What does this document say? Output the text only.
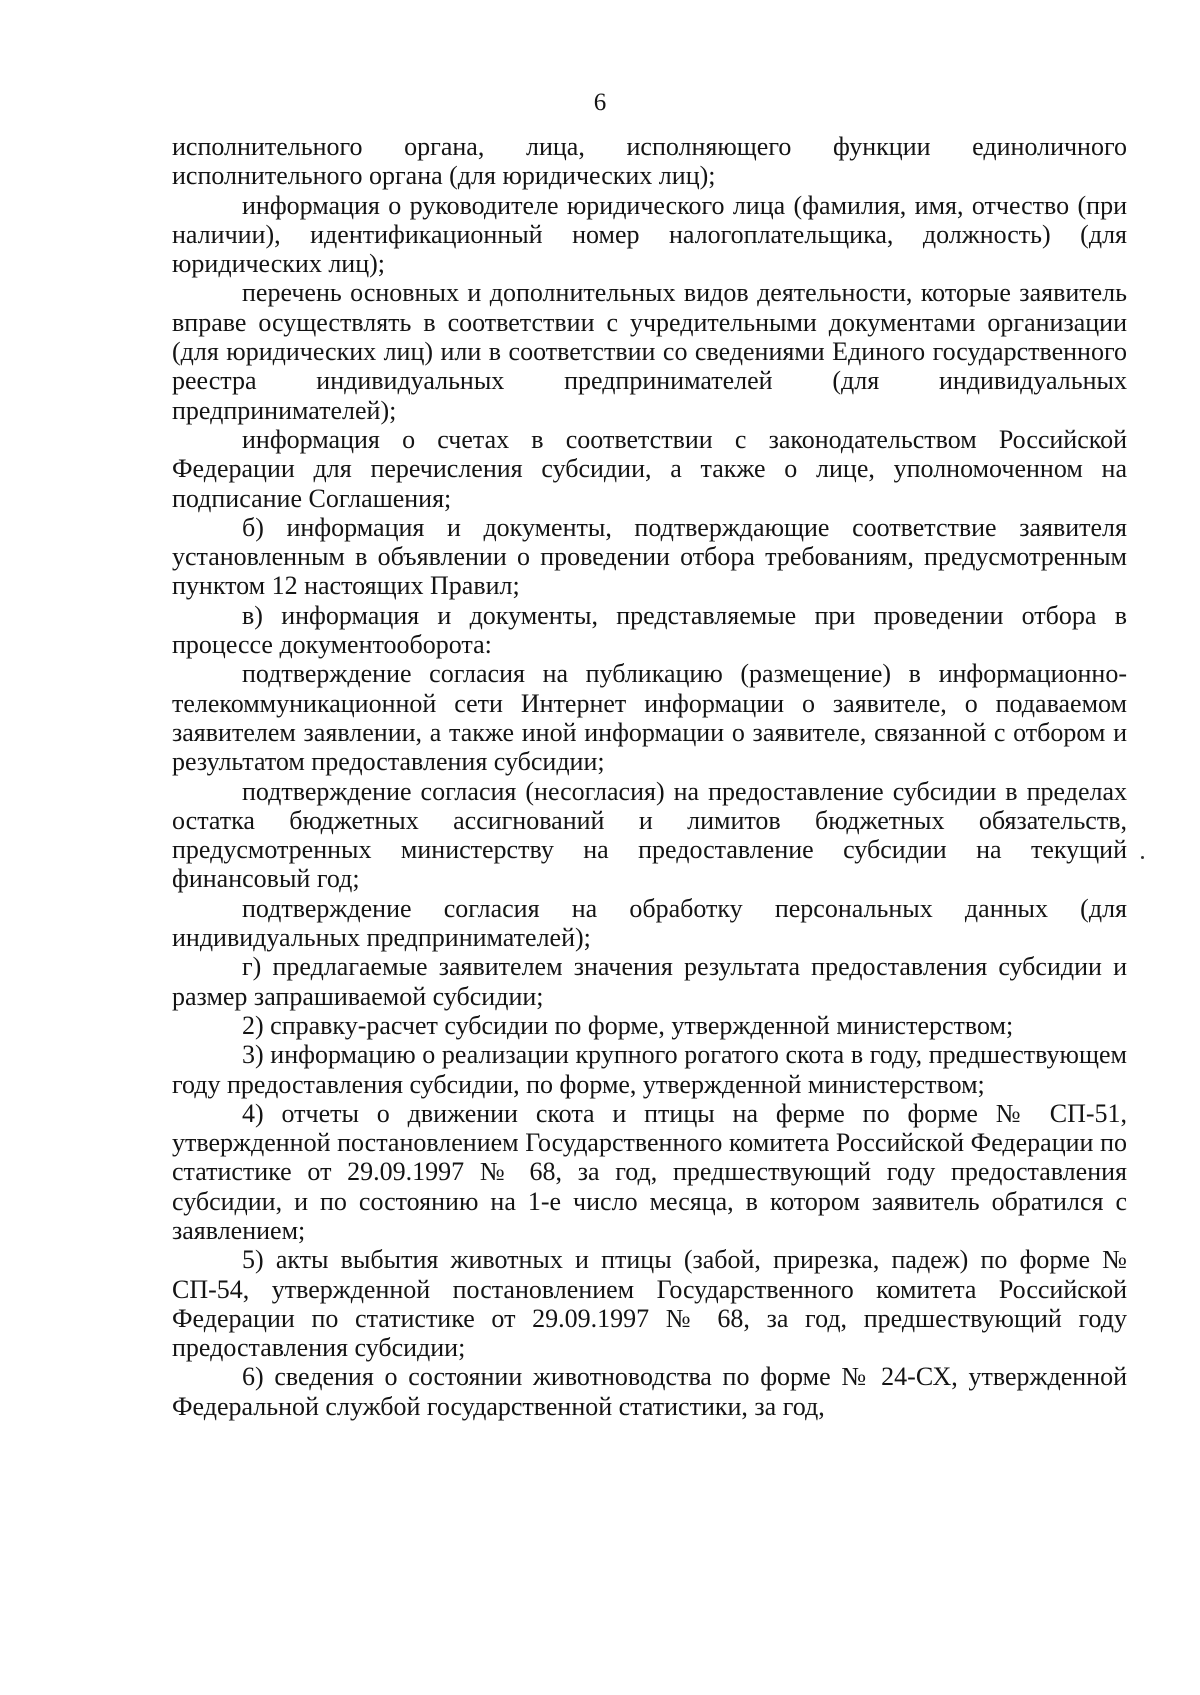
6

исполнительного органа, лица, исполняющего функции единоличного исполнительного органа (для юридических лиц);

информация о руководителе юридического лица (фамилия, имя, отчество (при наличии), идентификационный номер налогоплательщика, должность) (для юридических лиц);

перечень основных и дополнительных видов деятельности, которые заявитель вправе осуществлять в соответствии с учредительными документами организации (для юридических лиц) или в соответствии со сведениями Единого государственного реестра индивидуальных предпринимателей (для индивидуальных предпринимателей);

информация о счетах в соответствии с законодательством Российской Федерации для перечисления субсидии, а также о лице, уполномоченном на подписание Соглашения;

б) информация и документы, подтверждающие соответствие заявителя установленным в объявлении о проведении отбора требованиям, предусмотренным пунктом 12 настоящих Правил;

в) информация и документы, представляемые при проведении отбора в процессе документооборота:

подтверждение согласия на публикацию (размещение) в информационно-телекоммуникационной сети Интернет информации о заявителе, о подаваемом заявителем заявлении, а также иной информации о заявителе, связанной с отбором и результатом предоставления субсидии;

подтверждение согласия (несогласия) на предоставление субсидии в пределах остатка бюджетных ассигнований и лимитов бюджетных обязательств, предусмотренных министерству на предоставление субсидии на текущий финансовый год;

подтверждение согласия на обработку персональных данных (для индивидуальных предпринимателей);

г) предлагаемые заявителем значения результата предоставления субсидии и размер запрашиваемой субсидии;

2) справку-расчет субсидии по форме, утвержденной министерством;

3) информацию о реализации крупного рогатого скота в году, предшествующем году предоставления субсидии, по форме, утвержденной министерством;

4) отчеты о движении скота и птицы на ферме по форме № СП-51, утвержденной постановлением Государственного комитета Российской Федерации по статистике от 29.09.1997 № 68, за год, предшествующий году предоставления субсидии, и по состоянию на 1-е число месяца, в котором заявитель обратился с заявлением;

5) акты выбытия животных и птицы (забой, прирезка, падеж) по форме № СП-54, утвержденной постановлением Государственного комитета Российской Федерации по статистике от 29.09.1997 № 68, за год, предшествующий году предоставления субсидии;

6) сведения о состоянии животноводства по форме № 24-СХ, утвержденной Федеральной службой государственной статистики, за год,
